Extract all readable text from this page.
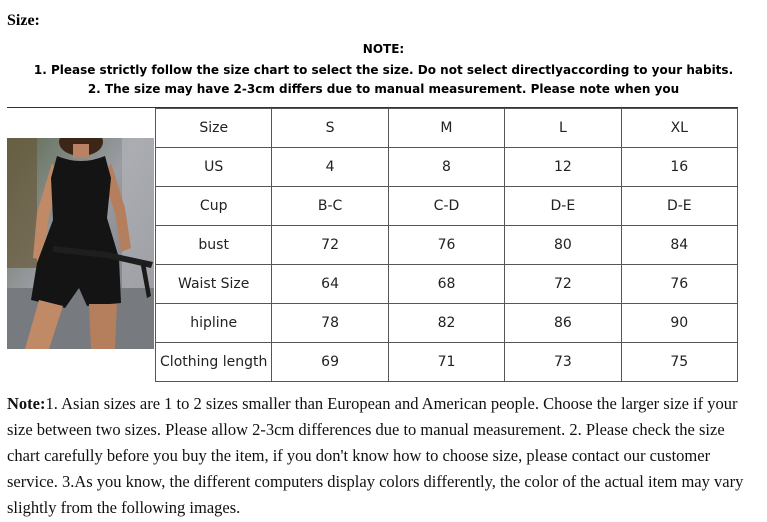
Size:
NOTE:
1. Please strictly follow the size chart to select the size. Do not select directlyaccording to your habits.
2. The size may have 2-3cm differs due to manual measurement. Please note when you
Size	S	M	L	XL
US	4	8	12	16
Cup	B-C	C-D	D-E	D-E
bust	72	76	80	84
Waist Size	64	68	72	76
hipline	78	82	86	90
Clothing length	69	71	73	75
Note:1. Asian sizes are 1 to 2 sizes smaller than European and American people. Choose the larger size if your size between two sizes. Please allow 2-3cm differences due to manual measurement. 2. Please check the size chart carefully before you buy the item, if you don't know how to choose size, please contact our customer service. 3.As you know, the different computers display colors differently, the color of the actual item may vary slightly from the following images.
